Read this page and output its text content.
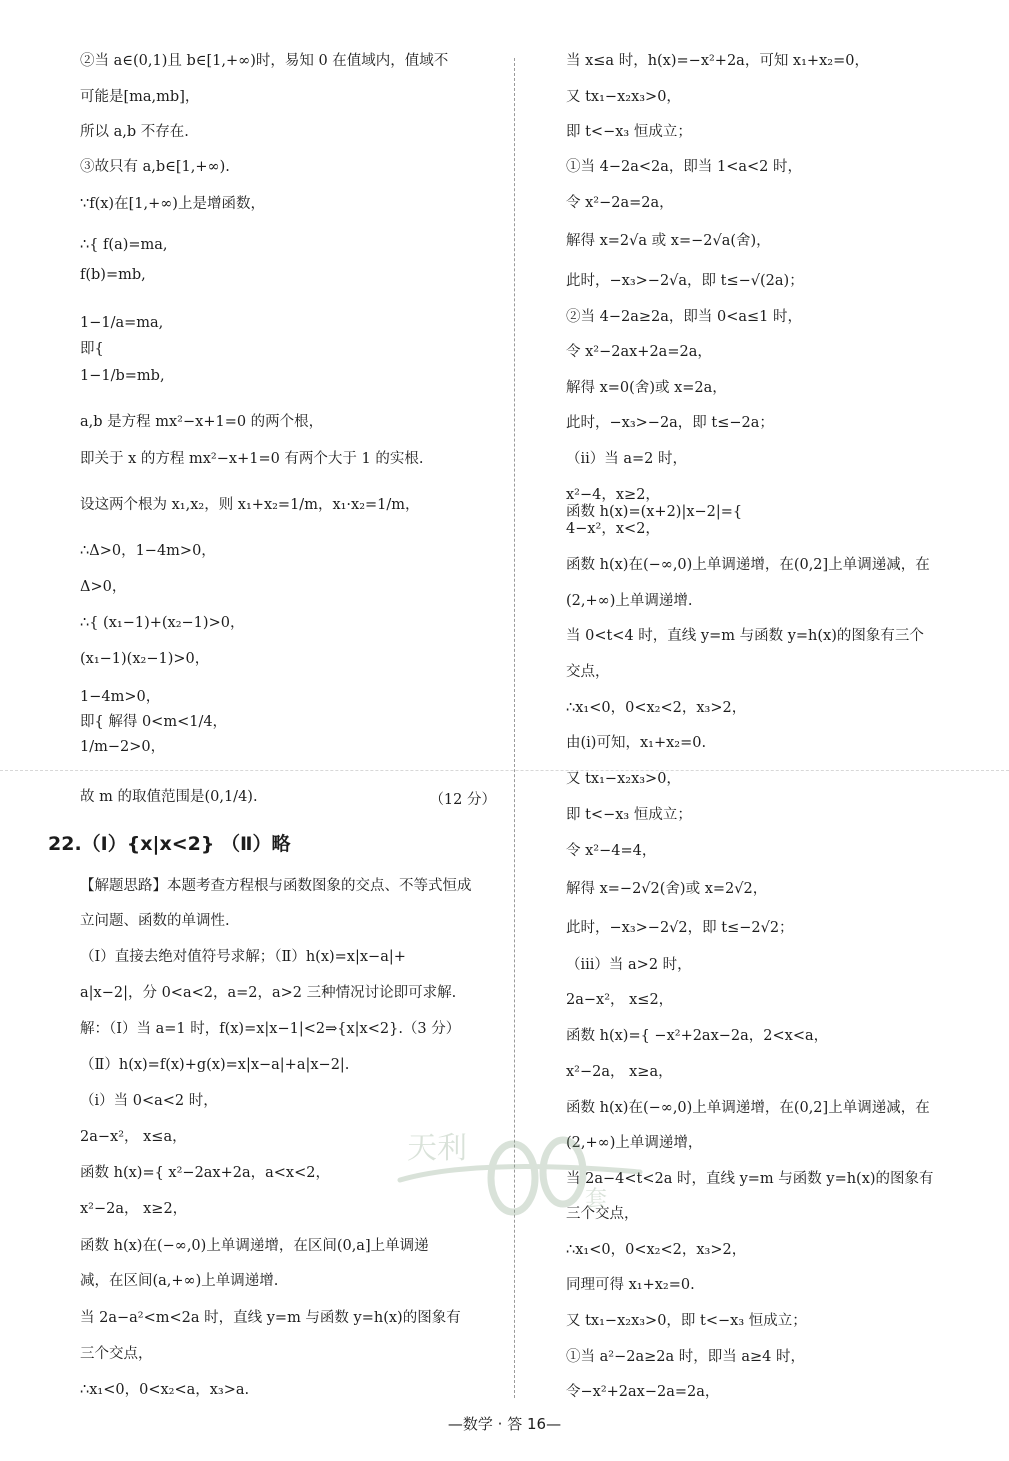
②当 a∈(0,1)且 b∈[1,+∞)时，易知 0 在值域内，值域不
可能是[ma,mb]，
所以 a,b 不存在.
③故只有 a,b∈[1,+∞).
∵f(x)在[1,+∞)上是增函数，
∴{ f(a)=ma,
f(b)=mb,
1−1/a=ma,
即{
1−1/b=mb,
a,b 是方程 mx²−x+1=0 的两个根，
即关于 x 的方程 mx²−x+1=0 有两个大于 1 的实根.
设这两个根为 x₁,x₂，则 x₁+x₂=1/m，x₁·x₂=1/m，
∴Δ>0，1−4m>0，
Δ>0，
∴{ (x₁−1)+(x₂−1)>0，
(x₁−1)(x₂−1)>0，
1−4m>0，
即{ 解得 0<m<1/4，
1/m−2>0，
故 m 的取值范围是(0,1/4).	（12 分）
22.（Ⅰ）{x|x<2} （Ⅱ）略
【解题思路】本题考查方程根与函数图象的交点、不等式恒成
立问题、函数的单调性.
（Ⅰ）直接去绝对值符号求解；（Ⅱ）h(x)=x|x−a|+
a|x−2|，分 0<a<2，a=2，a>2 三种情况讨论即可求解.
解：（Ⅰ）当 a=1 时，f(x)=x|x−1|<2⇒{x|x<2}.（3 分）
（Ⅱ）h(x)=f(x)+g(x)=x|x−a|+a|x−2|.
（ⅰ）当 0<a<2 时，
2a−x²， x≤a，
函数 h(x)={ x²−2ax+2a，a<x<2，
x²−2a， x≥2，
函数 h(x)在(−∞,0)上单调递增，在区间(0,a]上单调递
减，在区间(a,+∞)上单调递增.
当 2a−a²<m<2a 时，直线 y=m 与函数 y=h(x)的图象有
三个交点，
∴x₁<0，0<x₂<a，x₃>a.
当 x≤a 时，h(x)=−x²+2a，可知 x₁+x₂=0，
又 tx₁−x₂x₃>0，
即 t<−x₃ 恒成立；
①当 4−2a<2a，即当 1<a<2 时，
令 x²−2a=2a，
解得 x=2√a 或 x=−2√a(舍)，
此时，−x₃>−2√a，即 t≤−√(2a)；
②当 4−2a≥2a，即当 0<a≤1 时，
令 x²−2ax+2a=2a，
解得 x=0(舍)或 x=2a，
此时，−x₃>−2a，即 t≤−2a；
（ⅱ）当 a=2 时，
x²−4，x≥2，
函数 h(x)=(x+2)|x−2|={
4−x²，x<2，
函数 h(x)在(−∞,0)上单调递增，在(0,2]上单调递减，在
(2,+∞)上单调递增.
当 0<t<4 时，直线 y=m 与函数 y=h(x)的图象有三个
交点，
∴x₁<0，0<x₂<2，x₃>2，
由(ⅰ)可知，x₁+x₂=0.
又 tx₁−x₂x₃>0，
即 t<−x₃ 恒成立；
令 x²−4=4，
解得 x=−2√2(舍)或 x=2√2，
此时，−x₃>−2√2，即 t≤−2√2；
（ⅲ）当 a>2 时，
2a−x²， x≤2，
函数 h(x)={ −x²+2ax−2a，2<x<a，
x²−2a， x≥a，
函数 h(x)在(−∞,0)上单调递增，在(0,2]上单调递减，在
(2,+∞)上单调递增，
当 2a−4<t<2a 时，直线 y=m 与函数 y=h(x)的图象有
三个交点，
∴x₁<0，0<x₂<2，x₃>2，
同理可得 x₁+x₂=0.
又 tx₁−x₂x₃>0，即 t<−x₃ 恒成立；
①当 a²−2a≥2a 时，即当 a≥4 时，
令−x²+2ax−2a=2a，
天利
套
—数学 · 答 16—
